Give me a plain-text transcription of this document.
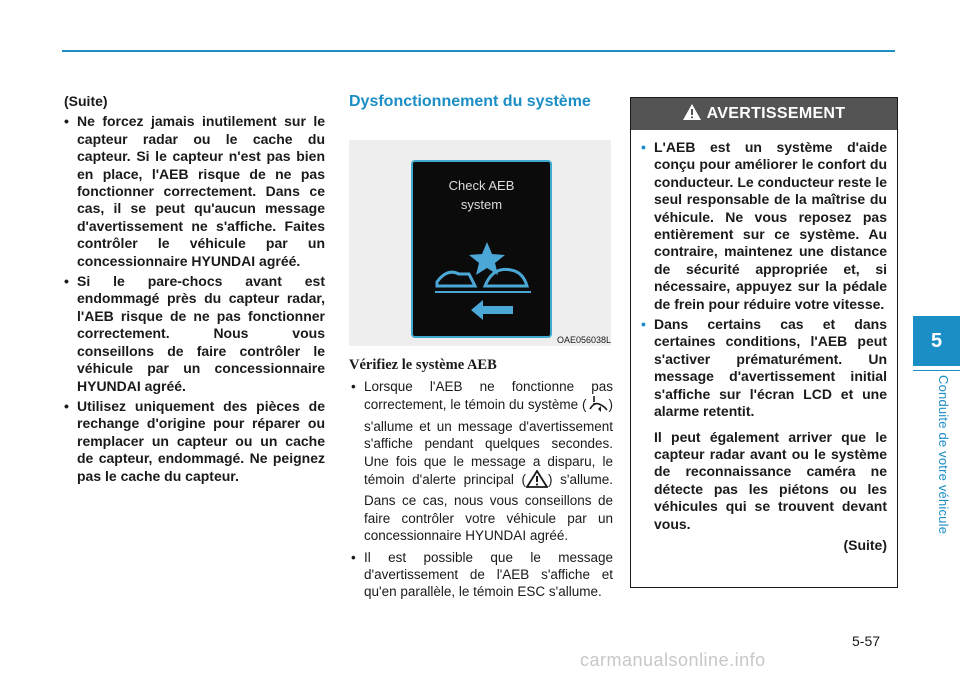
5
Conduite de votre véhicule

(Suite)

• Ne forcez jamais inutilement sur le capteur radar ou le cache du capteur. Si le capteur n'est pas bien en place, l'AEB risque de ne pas fonctionner correctement. Dans ce cas, il se peut qu'aucun message d'avertissement ne s'affiche. Faites contrôler le véhicule par un concessionnaire HYUNDAI agréé.
• Si le pare-chocs avant est endommagé près du capteur radar, l'AEB risque de ne pas fonctionner correctement. Nous vous conseillons de faire contrôler le véhicule par un concessionnaire HYUNDAI agréé.
• Utilisez uniquement des pièces de rechange d'origine pour réparer ou remplacer un capteur ou un cache de capteur, endommagé. Ne peignez pas le cache du capteur.
Dysfonctionnement du système
Check AEB
system
OAE056038L
Vérifiez le système AEB
• Lorsque l'AEB ne fonctionne pas correctement, le témoin du système ( ) s'allume et un message d'avertissement s'affiche pendant quelques secondes. Une fois que le message a disparu, le témoin d'alerte principal ( ) s'allume. Dans ce cas, nous vous conseillons de faire contrôler votre véhicule par un concessionnaire HYUNDAI agréé.
• Il est possible que le message d'avertissement de l'AEB s'affiche et qu'en parallèle, le témoin ESC s'allume.
AVERTISSEMENT
• L'AEB est un système d'aide conçu pour améliorer le confort du conducteur. Le conducteur reste le seul responsable de la maîtrise du véhicule. Ne vous reposez pas entièrement sur ce système. Au contraire, maintenez une distance de sécurité appropriée et, si nécessaire, appuyez sur la pédale de frein pour réduire votre vitesse.
• Dans certains cas et dans certaines conditions, l'AEB peut s'activer prématurément. Un message d'avertissement initial s'affiche sur l'écran LCD et une alarme retentit.

Il peut également arriver que le capteur radar avant ou le système de reconnaissance caméra ne détecte pas les piétons ou les véhicules qui se trouvent devant vous.

(Suite)

5-57
carmanualsonline.info
